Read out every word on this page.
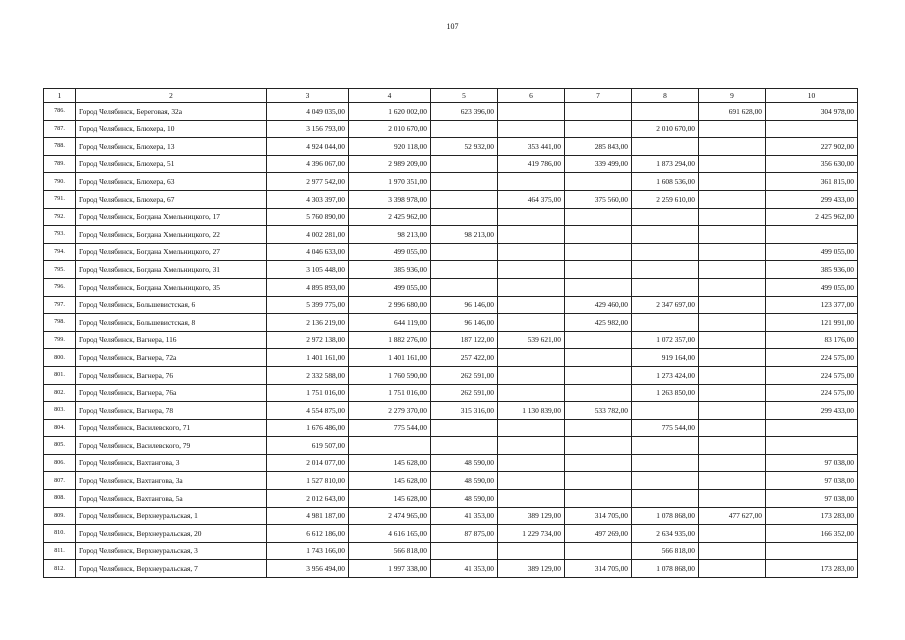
107
1	2	3	4	5	6	7	8	9	10
786.	Город Челябинск, Береговая, 32а	4 049 035,00	1 620 002,00	623 396,00				691 628,00	304 978,00
787.	Город Челябинск, Блюхера, 10	3 156 793,00	2 010 670,00				2 010 670,00		
788.	Город Челябинск, Блюхера, 13	4 924 044,00	920 118,00	52 932,00	353 441,00	285 843,00			227 902,00
789.	Город Челябинск, Блюхера, 51	4 396 067,00	2 989 209,00		419 786,00	339 499,00	1 873 294,00		356 630,00
790.	Город Челябинск, Блюхера, 63	2 977 542,00	1 970 351,00				1 608 536,00		361 815,00
791.	Город Челябинск, Блюхера, 67	4 303 397,00	3 398 978,00		464 375,00	375 560,00	2 259 610,00		299 433,00
792.	Город Челябинск, Богдана Хмельницкого, 17	5 760 890,00	2 425 962,00						2 425 962,00
793.	Город Челябинск, Богдана Хмельницкого, 22	4 002 281,00	98 213,00	98 213,00					
794.	Город Челябинск, Богдана Хмельницкого, 27	4 046 633,00	499 055,00						499 055,00
795.	Город Челябинск, Богдана Хмельницкого, 31	3 105 448,00	385 936,00						385 936,00
796.	Город Челябинск, Богдана Хмельницкого, 35	4 895 893,00	499 055,00						499 055,00
797.	Город Челябинск, Большевистская, 6	5 399 775,00	2 996 680,00	96 146,00		429 460,00	2 347 697,00		123 377,00
798.	Город Челябинск, Большевистская, 8	2 136 219,00	644 119,00	96 146,00		425 982,00			121 991,00
799.	Город Челябинск, Вагнера, 116	2 972 138,00	1 882 276,00	187 122,00	539 621,00		1 072 357,00		83 176,00
800.	Город Челябинск, Вагнера, 72а	1 401 161,00	1 401 161,00	257 422,00			919 164,00		224 575,00
801.	Город Челябинск, Вагнера, 76	2 332 588,00	1 760 590,00	262 591,00			1 273 424,00		224 575,00
802.	Город Челябинск, Вагнера, 76а	1 751 016,00	1 751 016,00	262 591,00			1 263 850,00		224 575,00
803.	Город Челябинск, Вагнера, 78	4 554 875,00	2 279 370,00	315 316,00	1 130 839,00	533 782,00			299 433,00
804.	Город Челябинск, Василевского, 71	1 676 486,00	775 544,00				775 544,00		
805.	Город Челябинск, Василевского, 79	619 507,00							
806.	Город Челябинск, Вахтангова, 3	2 014 077,00	145 628,00	48 590,00					97 038,00
807.	Город Челябинск, Вахтангова, 3а	1 527 810,00	145 628,00	48 590,00					97 038,00
808.	Город Челябинск, Вахтангова, 5а	2 012 643,00	145 628,00	48 590,00					97 038,00
809.	Город Челябинск, Верхнеуральская, 1	4 981 187,00	2 474 965,00	41 353,00	389 129,00	314 705,00	1 078 868,00	477 627,00	173 283,00
810.	Город Челябинск, Верхнеуральская, 20	6 612 186,00	4 616 165,00	87 875,00	1 229 734,00	497 269,00	2 634 935,00		166 352,00
811.	Город Челябинск, Верхнеуральская, 3	1 743 166,00	566 818,00				566 818,00		
812.	Город Челябинск, Верхнеуральская, 7	3 956 494,00	1 997 338,00	41 353,00	389 129,00	314 705,00	1 078 868,00		173 283,00
